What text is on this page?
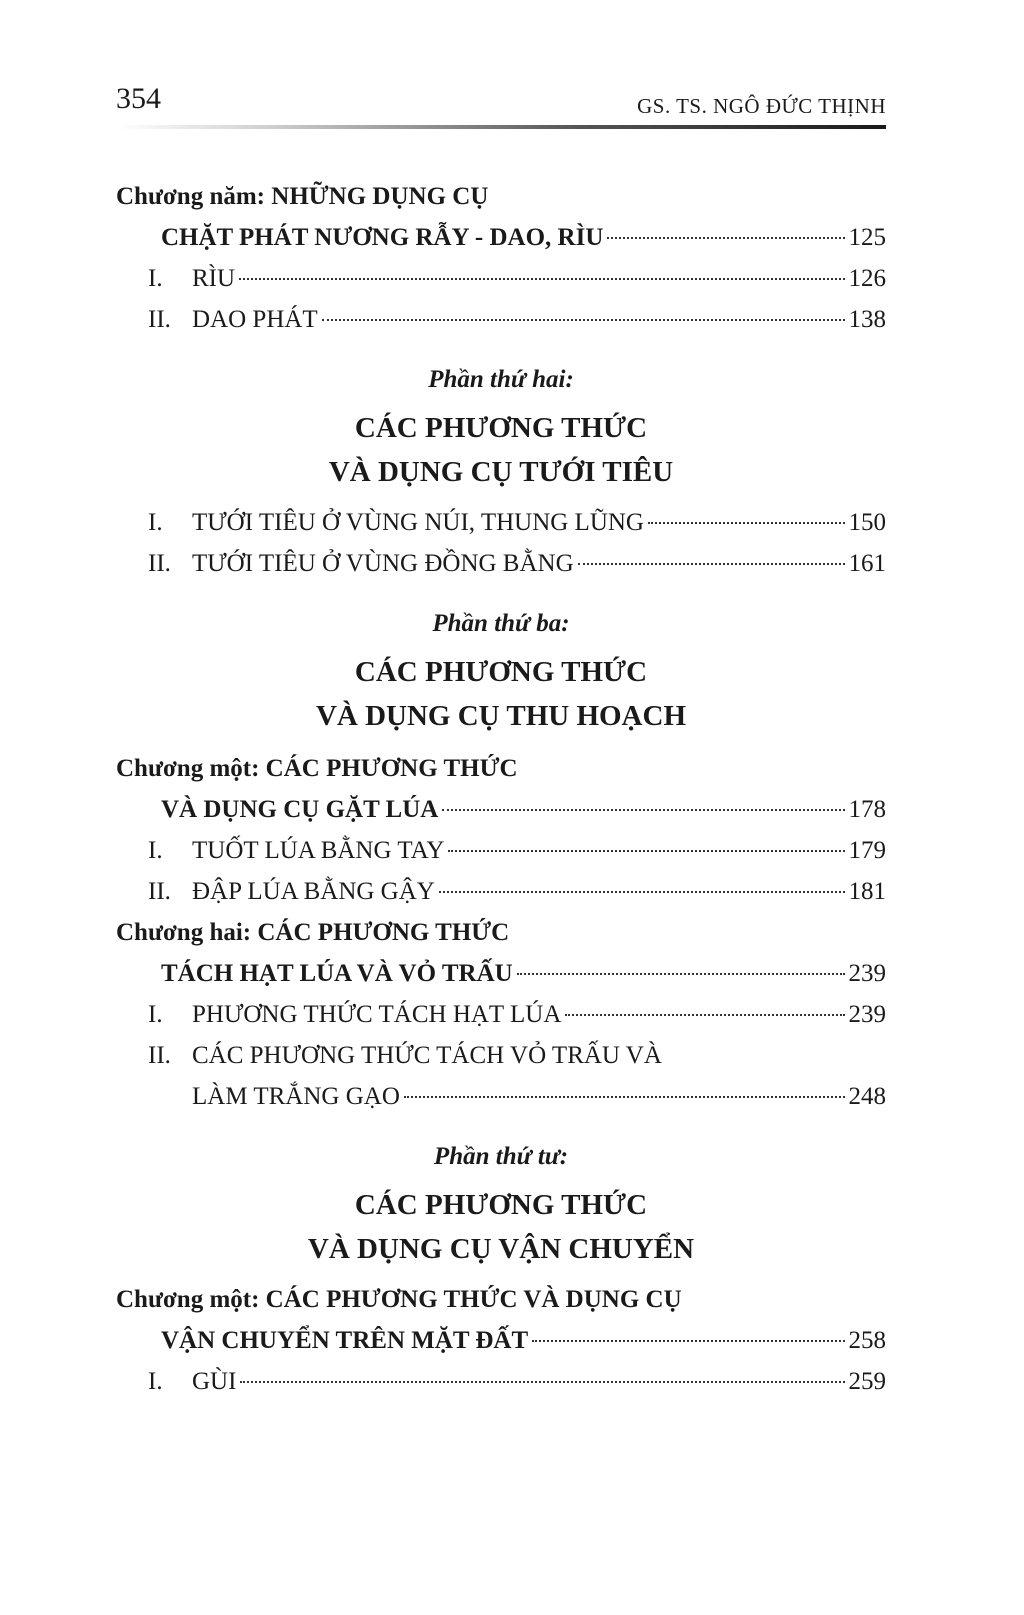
354	GS. TS. NGÔ ĐỨC THỊNH
Chương năm: NHỮNG DỤNG CỤ
CHẶT PHÁT NƯƠNG RẪY - DAO, RÌU	125
I.	RÌU	126
II. DAO PHÁT	138
Phần thứ hai:
CÁC PHƯƠNG THỨC
VÀ DỤNG CỤ TƯỚI TIÊU
I.	TƯỚI TIÊU Ở VÙNG NÚI, THUNG LŨNG	150
II. TƯỚI TIÊU Ở VÙNG ĐỒNG BẰNG	161
Phần thứ ba:
CÁC PHƯƠNG THỨC
VÀ DỤNG CỤ THU HOẠCH
Chương một: CÁC PHƯƠNG THỨC
VÀ DỤNG CỤ GẶT LÚA	178
I.	TUỐT LÚA BẰNG TAY	179
II. ĐẬP LÚA BẰNG GẬY	181
Chương hai: CÁC PHƯƠNG THỨC
TÁCH HẠT LÚA VÀ VỎ TRẤU	239
I.	PHƯƠNG THỨC TÁCH HẠT LÚA	239
II. CÁC PHƯƠNG THỨC TÁCH VỎ TRẤU VÀ
LÀM TRẮNG GẠO	248
Phần thứ tư:
CÁC PHƯƠNG THỨC
VÀ DỤNG CỤ VẬN CHUYỂN
Chương một: CÁC PHƯƠNG THỨC VÀ DỤNG CỤ
VẬN CHUYỂN TRÊN MẶT ĐẤT	258
I.	GÙI	259
